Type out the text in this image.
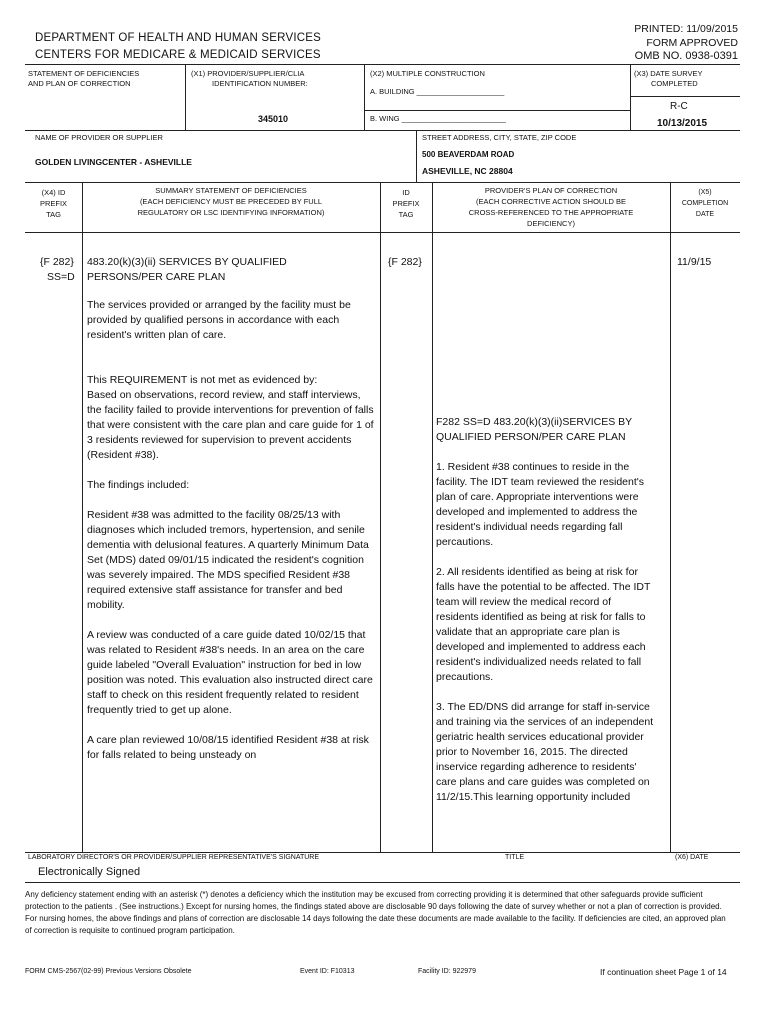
DEPARTMENT OF HEALTH AND HUMAN SERVICES
CENTERS FOR MEDICARE & MEDICAID SERVICES
PRINTED: 11/09/2015
FORM APPROVED
OMB NO. 0938-0391
STATEMENT OF DEFICIENCIES
AND PLAN OF CORRECTION
(X1) PROVIDER/SUPPLIER/CLIA
IDENTIFICATION NUMBER:
345010
(X2) MULTIPLE CONSTRUCTION
A. BUILDING _____________________
B. WING _________________________
(X3) DATE SURVEY
COMPLETED
R-C
10/13/2015
NAME OF PROVIDER OR SUPPLIER
GOLDEN LIVINGCENTER - ASHEVILLE
STREET ADDRESS, CITY, STATE, ZIP CODE
500 BEAVERDAM ROAD
ASHEVILLE, NC 28804
(X4) ID
PREFIX
TAG
SUMMARY STATEMENT OF DEFICIENCIES
(EACH DEFICIENCY MUST BE PRECEDED BY FULL
REGULATORY OR LSC IDENTIFYING INFORMATION)
ID
PREFIX
TAG
PROVIDER'S PLAN OF CORRECTION
(EACH CORRECTIVE ACTION SHOULD BE
CROSS-REFERENCED TO THE APPROPRIATE
DEFICIENCY)
(X5)
COMPLETION
DATE
{F 282}
SS=D
483.20(k)(3)(ii) SERVICES BY QUALIFIED
PERSONS/PER CARE PLAN

The services provided or arranged by the facility must be provided by qualified persons in accordance with each resident's written plan of care.

This REQUIREMENT is not met as evidenced by:

Based on observations, record review, and staff interviews, the facility failed to provide interventions for prevention of falls that were consistent with the care plan and care guide for 1 of 3 residents reviewed for supervision to prevent accidents (Resident #38).

The findings included:

Resident #38 was admitted to the facility 08/25/13 with diagnoses which included tremors, hypertension, and senile dementia with delusional features. A quarterly Minimum Data Set (MDS) dated 09/01/15 indicated the resident's cognition was severely impaired. The MDS specified Resident #38 required extensive staff assistance for transfer and bed mobility.

A review was conducted of a care guide dated 10/02/15 that was related to Resident #38's needs. In an area on the care guide labeled "Overall Evaluation" instruction for bed in low position was noted. This evaluation also instructed direct care staff to check on this resident frequently related to resident frequently tried to get up alone.

A care plan reviewed 10/08/15 identified Resident #38 at risk for falls related to being unsteady on

{F 282}

F282 SS=D 483.20(k)(3)(ii)SERVICES BY QUALIFIED PERSON/PER CARE PLAN

1. Resident #38 continues to reside in the facility. The IDT team reviewed the resident's plan of care. Appropriate interventions were developed and implemented to address the resident's individual needs regarding fall percautions.

2. All residents identified as being at risk for falls have the potential to be affected. The IDT team will review the medical record of residents identified as being at risk for falls to validate that an appropriate care plan is developed and implemented to address each resident's individualized needs related to fall precautions.

3. The ED/DNS did arrange for staff in-service and training via the services of an independent geriatric health services educational provider prior to November 16, 2015. The directed inservice regarding adherence to residents' care plans and care guides was completed on 11/2/15.This learning opportunity included

11/9/15
LABORATORY DIRECTOR'S OR PROVIDER/SUPPLIER REPRESENTATIVE'S SIGNATURE	TITLE	(X6) DATE
Electronically Signed
Any deficiency statement ending with an asterisk (*) denotes a deficiency which the institution may be excused from correcting providing it is determined that other safeguards provide sufficient protection to the patients . (See instructions.) Except for nursing homes, the findings stated above are disclosable 90 days following the date of survey whether or not a plan of correction is provided. For nursing homes, the above findings and plans of correction are disclosable 14 days following the date these documents are made available to the facility. If deficiencies are cited, an approved plan of correction is requisite to continued program participation.
FORM CMS-2567(02-99) Previous Versions Obsolete	Event ID: F10313	Facility ID: 922979	If continuation sheet Page 1 of 14
